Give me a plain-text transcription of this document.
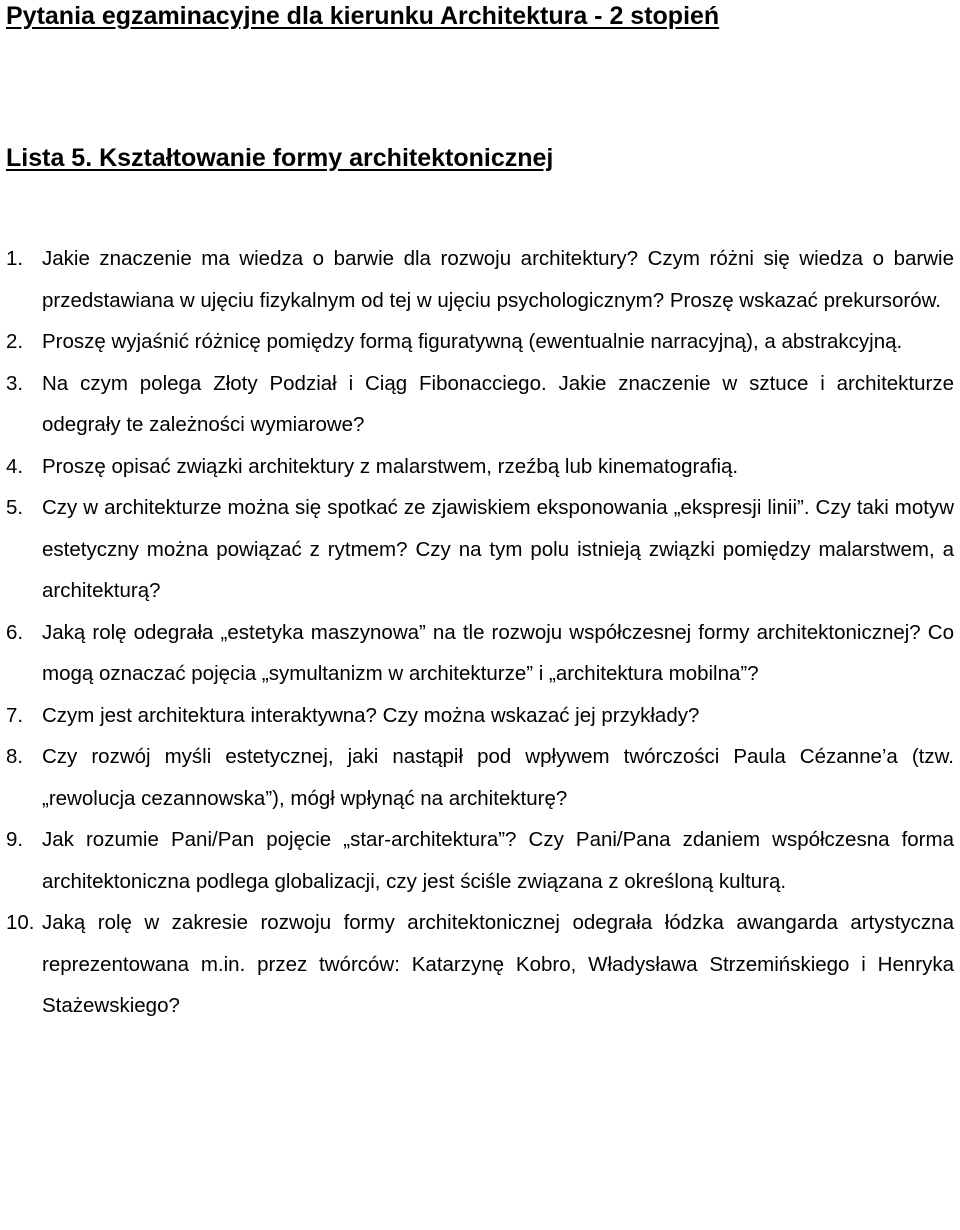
Pytania egzaminacyjne dla kierunku Architektura - 2 stopień
Lista 5. Kształtowanie formy architektonicznej
1. Jakie znaczenie ma wiedza o barwie dla rozwoju architektury? Czym różni się wiedza o barwie przedstawiana w ujęciu fizykalnym od tej w ujęciu psychologicznym? Proszę wskazać prekursorów.
2. Proszę wyjaśnić różnicę pomiędzy formą figuratywną (ewentualnie narracyjną), a abstrakcyjną.
3. Na czym polega Złoty Podział i Ciąg Fibonacciego. Jakie znaczenie w sztuce i architekturze odegrały te zależności wymiarowe?
4. Proszę opisać związki architektury z malarstwem, rzeźbą lub kinematografią.
5. Czy w architekturze można się spotkać ze zjawiskiem eksponowania „ekspresji linii”. Czy taki motyw estetyczny można powiązać z rytmem? Czy na tym polu istnieją związki pomiędzy malarstwem, a architekturą?
6. Jaką rolę odegrała „estetyka maszynowa” na tle rozwoju współczesnej formy architektonicznej? Co mogą oznaczać pojęcia „symultanizm w architekturze” i „architektura mobilna”?
7. Czym jest architektura interaktywna? Czy można wskazać jej przykłady?
8. Czy rozwój myśli estetycznej, jaki nastąpił pod wpływem twórczości Paula Cézanne’a (tzw. „rewolucja cezannowska”), mógł wpłynąć na architekturę?
9. Jak rozumie Pani/Pan pojęcie „star-architektura”? Czy Pani/Pana zdaniem współczesna forma architektoniczna podlega globalizacji, czy jest ściśle związana z określoną kulturą.
10. Jaką rolę w zakresie rozwoju formy architektonicznej odegrała łódzka awangarda artystyczna reprezentowana m.in. przez twórców: Katarzynę Kobro, Władysława Strzemińskiego i Henryka Stażewskiego?
